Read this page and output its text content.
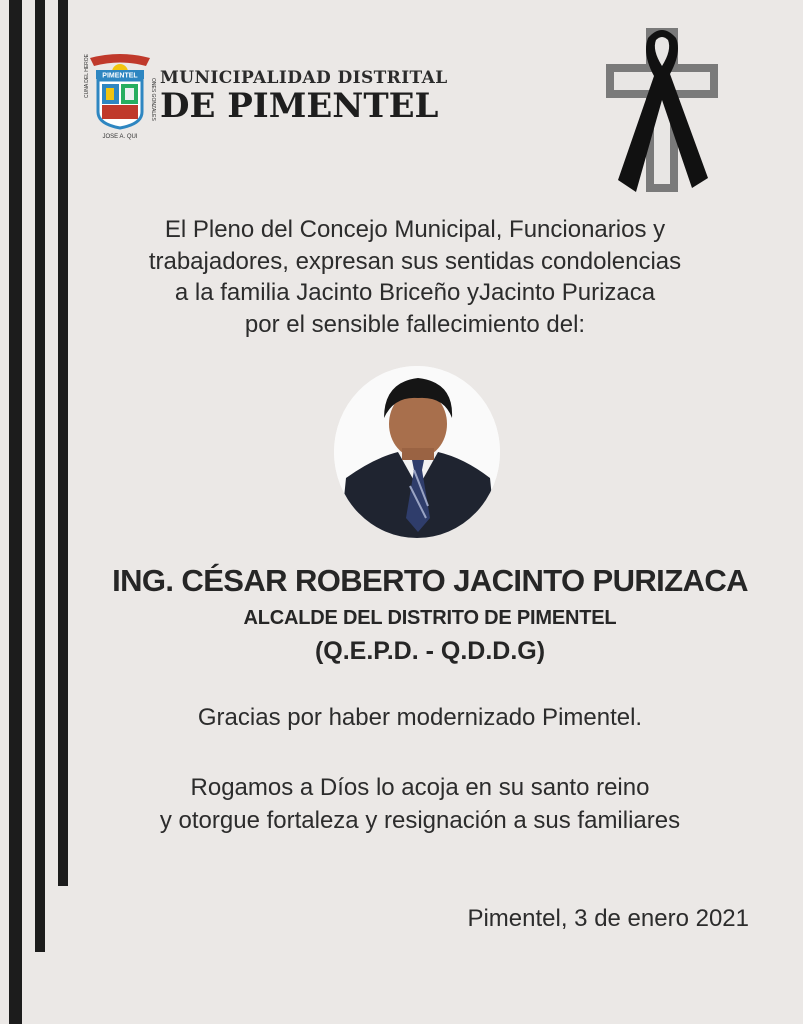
PIMENTEL
CUNA DEL HÉROE
ONES GONZALES
JOSE A. QUI
MUNICIPALIDAD DISTRITAL
DE PIMENTEL
El Pleno del Concejo Municipal, Funcionarios y
trabajadores, expresan sus sentidas condolencias
a la familia Jacinto Briceño yJacinto Purizaca
por el sensible fallecimiento del:
ING. CÉSAR ROBERTO JACINTO PURIZACA
ALCALDE DEL DISTRITO DE PIMENTEL
(Q.E.P.D. - Q.D.D.G)
Gracias por haber modernizado Pimentel.
Rogamos a Díos lo acoja en su santo reino
y otorgue fortaleza y resignación a sus familiares
Pimentel, 3 de enero 2021
